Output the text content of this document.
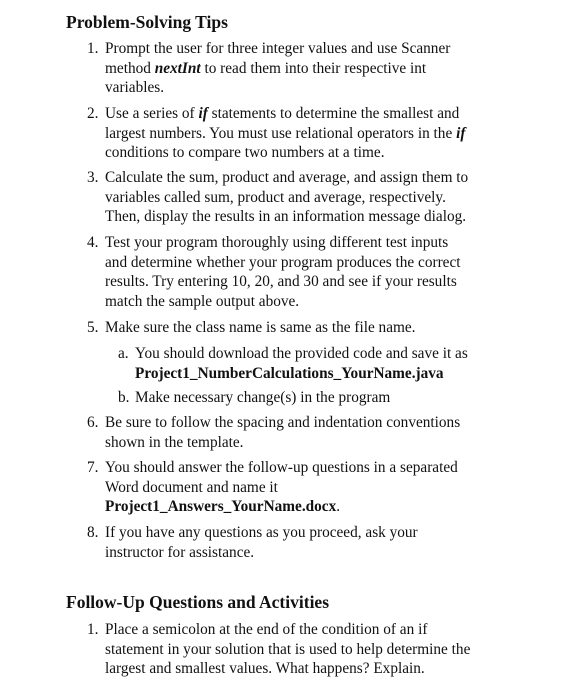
Problem-Solving Tips
1. Prompt the user for three integer values and use Scanner
method nextInt to read them into their respective int
variables.
2. Use a series of if statements to determine the smallest and
largest numbers. You must use relational operators in the if
conditions to compare two numbers at a time.
3. Calculate the sum, product and average, and assign them to
variables called sum, product and average, respectively.
Then, display the results in an information message dialog.
4. Test your program thoroughly using different test inputs
and determine whether your program produces the correct
results. Try entering 10, 20, and 30 and see if your results
match the sample output above.
5. Make sure the class name is same as the file name.
a. You should download the provided code and save it as
Project1_NumberCalculations_YourName.java
b. Make necessary change(s) in the program
6. Be sure to follow the spacing and indentation conventions
shown in the template.
7. You should answer the follow-up questions in a separated
Word document and name it
Project1_Answers_YourName.docx.
8. If you have any questions as you proceed, ask your
instructor for assistance.
Follow-Up Questions and Activities
1. Place a semicolon at the end of the condition of an if
statement in your solution that is used to help determine the
largest and smallest values. What happens? Explain.
